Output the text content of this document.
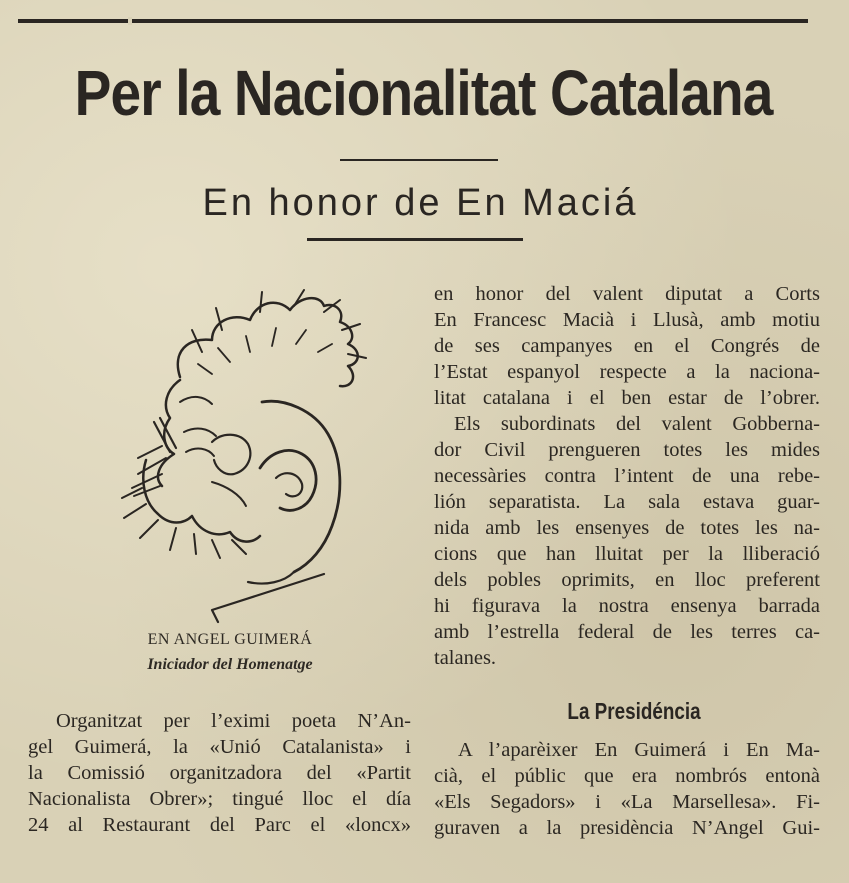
Per la Nacionalitat Catalana
En honor de En Maciá
EN ANGEL GUIMERÁ
Iniciador del Homenatge
Organitzat per l’eximi poeta N’An-
gel Guimerá, la «Unió Catalanista» i
la Comissió organitzadora del «Partit
Nacionalista Obrer»; tingué lloc el día
24 al Restaurant del Parc el «loncx»
en honor del valent diputat a Corts
En Francesc Macià i Llusà, amb motiu
de ses campanyes en el Congrés de
l’Estat espanyol respecte a la naciona-
litat catalana i el ben estar de l’obrer.
Els subordinats del valent Gobberna-
dor Civil prengueren totes les mides
necessàries contra l’intent de una rebe-
lión separatista. La sala estava guar-
nida amb les ensenyes de totes les na-
cions que han lluitat per la lliberació
dels pobles oprimits, en lloc preferent
hi figurava la nostra ensenya barrada
amb l’estrella federal de les terres ca-
talanes.
La Presidéncia
A l’aparèixer En Guimerá i En Ma-
cià, el públic que era nombrós entonà
«Els Segadors» i «La Marsellesa». Fi-
guraven a la presidència N’Angel Gui-
